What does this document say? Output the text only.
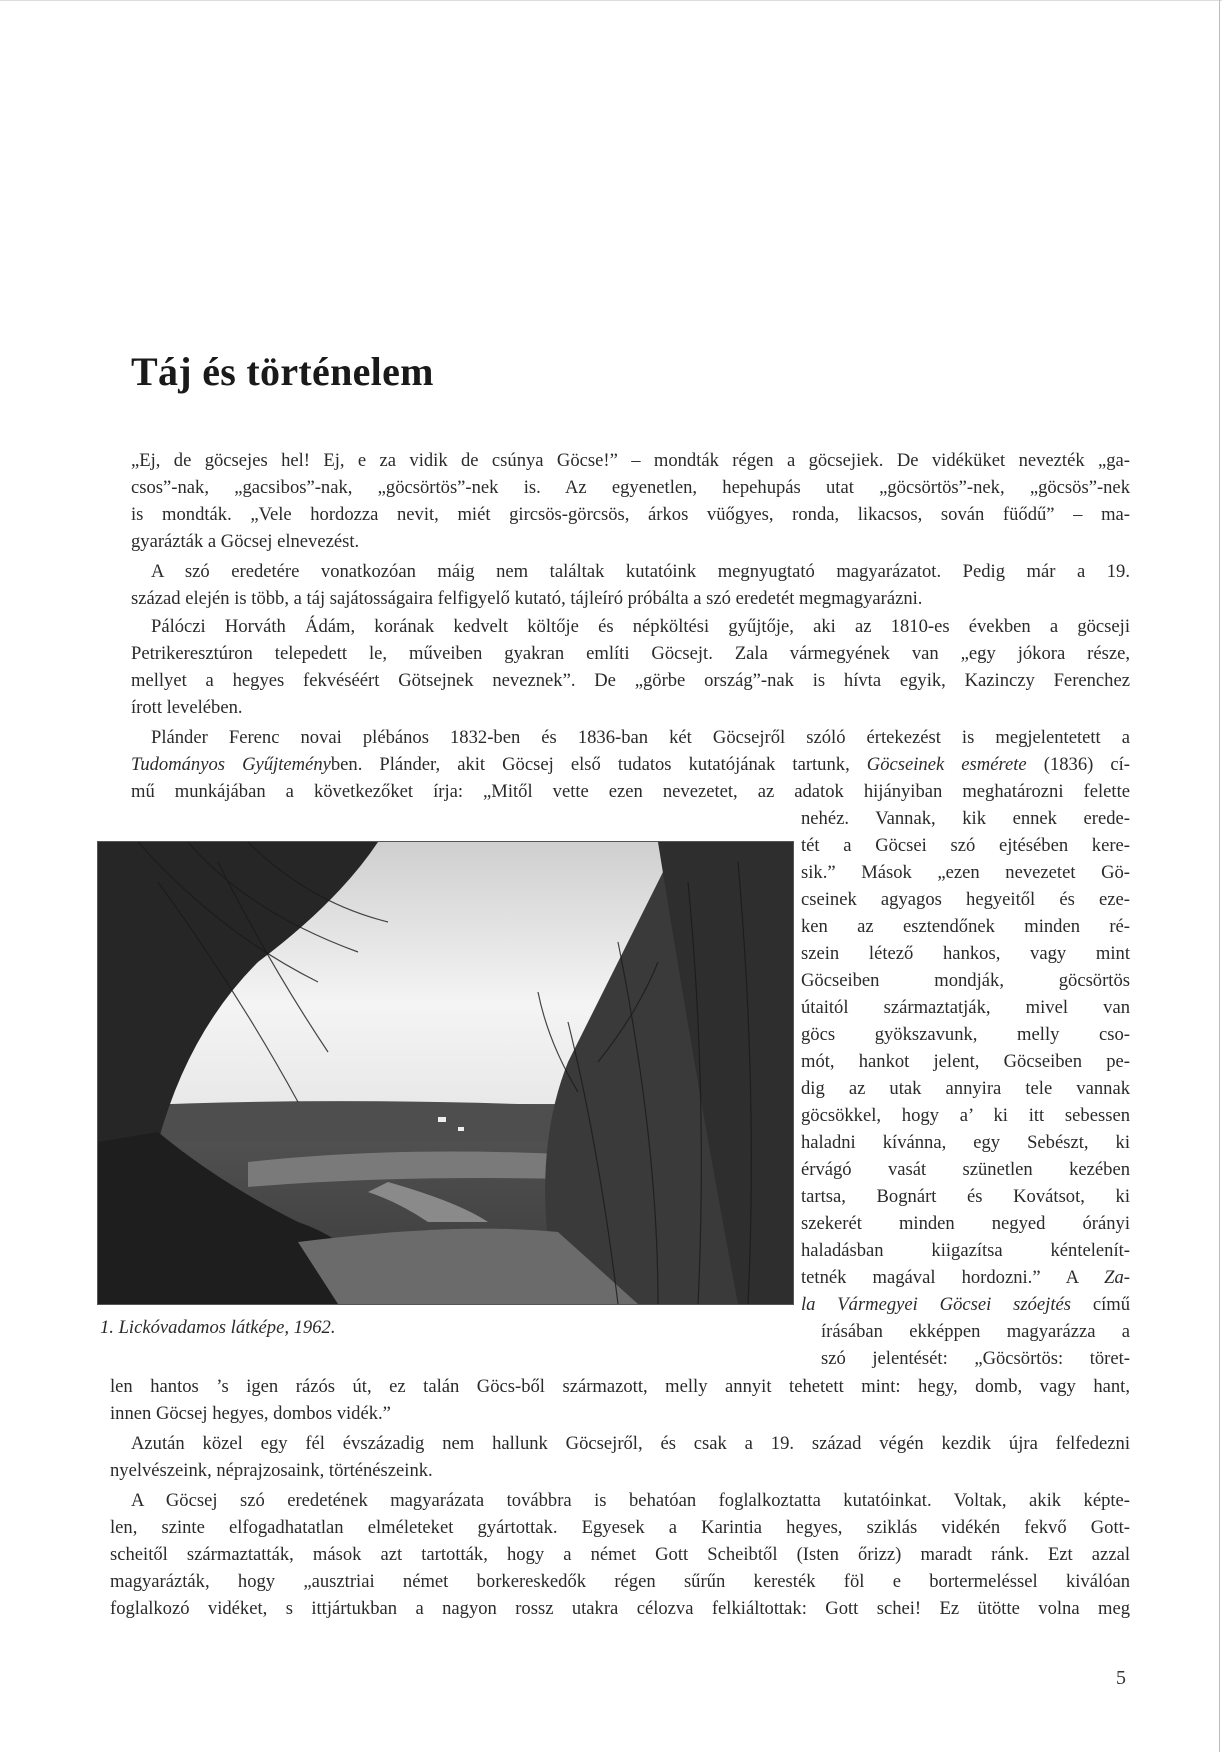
Táj és történelem
„Ej, de göcsejes hel! Ej, e za vidik de csúnya Göcse!” – mondták régen a göcsejiek. De vidéküket nevezték „ga-
csos”-nak, „gacsibos”-nak, „göcsörtös”-nek is. Az egyenetlen, hepehupás utat „göcsörtös”-nek, „göcsös”-nek
is mondták. „Vele hordozza nevit, miét gircsös-görcsös, árkos vüőgyes, ronda, likacsos, sován füődű” – ma-
gyarázták a Göcsej elnevezést.
A szó eredetére vonatkozóan máig nem találtak kutatóink megnyugtató magyarázatot. Pedig már a 19.
század elején is több, a táj sajátosságaira felfigyelő kutató, tájleíró próbálta a szó eredetét megmagyarázni.
Pálóczi Horváth Ádám, korának kedvelt költője és népköltési gyűjtője, aki az 1810-es években a göcseji
Petrikeresztúron telepedett le, műveiben gyakran említi Göcsejt. Zala vármegyének van „egy jókora része,
mellyet a hegyes fekvéséért Götsejnek neveznek”. De „görbe ország”-nak is hívta egyik, Kazinczy Ferenchez
írott levelében.
Plánder Ferenc novai plébános 1832-ben és 1836-ban két Göcsejről szóló értekezést is megjelentetett a
Tudományos Gyűjteményben. Plánder, akit Göcsej első tudatos kutatójának tartunk, Göcseinek esmérete (1836) cí-
mű munkájában a következőket írja: „Mitől vette ezen nevezetet, az adatok hijányiban meghatározni felette
1. Lickóvadamos látképe, 1962.
nehéz. Vannak, kik ennek erede-
tét a Göcsei szó ejtésében kere-
sik.” Mások „ezen nevezetet Gö-
cseinek agyagos hegyeitől és eze-
ken az esztendőnek minden ré-
szein létező hankos, vagy mint
Göcseiben mondják, göcsörtös
útaitól származtatják, mivel van
göcs gyökszavunk, melly cso-
mót, hankot jelent, Göcseiben pe-
dig az utak annyira tele vannak
göcsökkel, hogy a’ ki itt sebessen
haladni kívánna, egy Sebészt, ki
érvágó vasát szünetlen kezében
tartsa, Bognárt és Kovátsot, ki
szekerét minden negyed órányi
haladásban kiigazítsa kéntelenít-
tetnék magával hordozni.” A Za-
la Vármegyei Göcsei szóejtés című
írásában ekképpen magyarázza a
szó jelentését: „Göcsörtös: töret-
len hantos ’s igen rázós út, ez talán Göcs-ből származott, melly annyit tehetett mint: hegy, domb, vagy hant,
innen Göcsej hegyes, dombos vidék.”
Azután közel egy fél évszázadig nem hallunk Göcsejről, és csak a 19. század végén kezdik újra felfedezni
nyelvészeink, néprajzosaink, történészeink.
A Göcsej szó eredetének magyarázata továbbra is behatóan foglalkoztatta kutatóinkat. Voltak, akik képte-
len, szinte elfogadhatatlan elméleteket gyártottak. Egyesek a Karintia hegyes, sziklás vidékén fekvő Gott-
scheitől származtatták, mások azt tartották, hogy a német Gott Scheibtől (Isten őrizz) maradt ránk. Ezt azzal
magyarázták, hogy „ausztriai német borkereskedők régen sűrűn keresték föl e bortermeléssel kiválóan
foglalkozó vidéket, s ittjártukban a nagyon rossz utakra célozva felkiáltottak: Gott schei! Ez ütötte volna meg
5
